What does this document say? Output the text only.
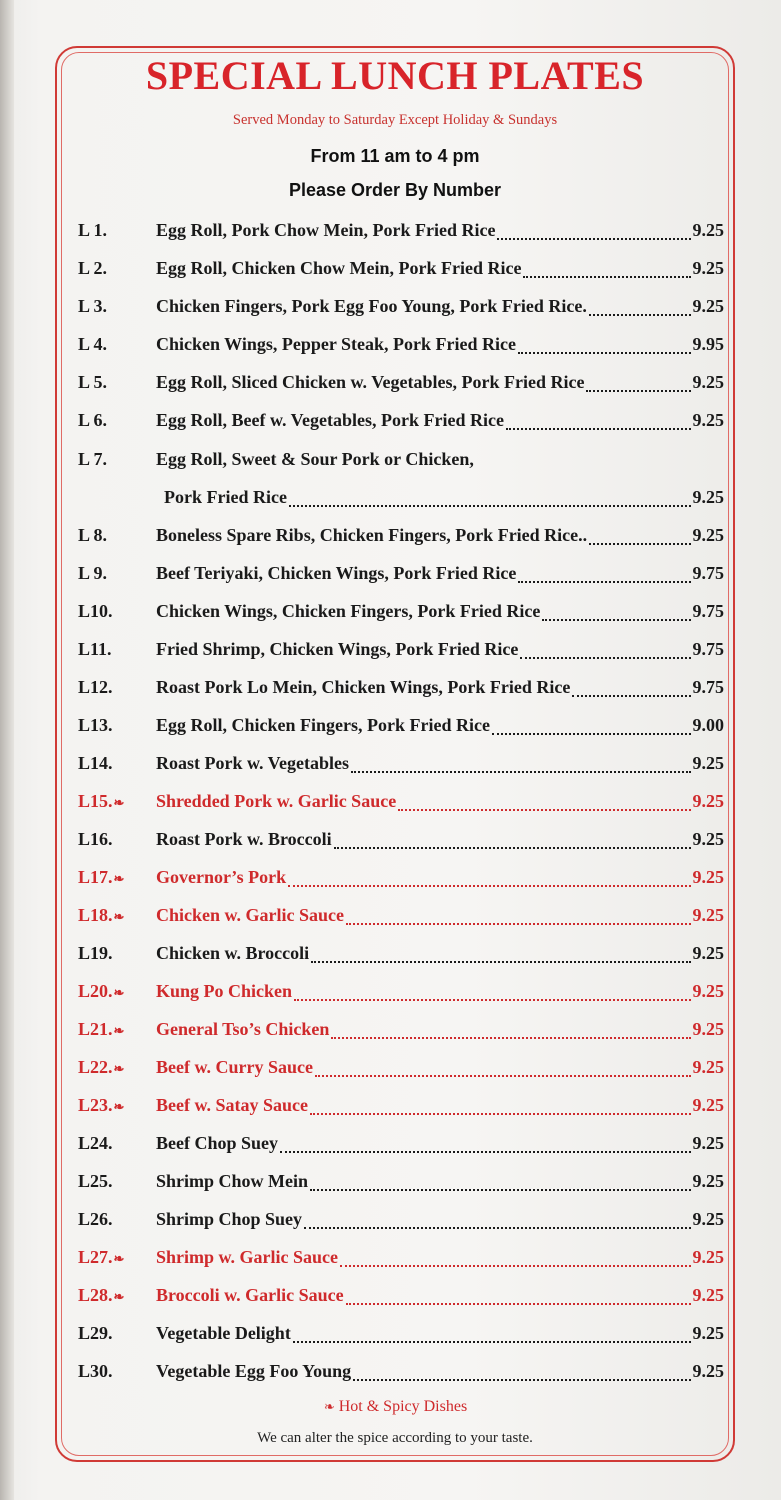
SPECIAL LUNCH PLATES
Served Monday to Saturday Except Holiday & Sundays
From 11 am to 4 pm
Please Order By Number
L 1.	Egg Roll, Pork Chow Mein, Pork Fried Rice	9.25
L 2.	Egg Roll, Chicken Chow Mein, Pork Fried Rice	9.25
L 3.	Chicken Fingers, Pork Egg Foo Young, Pork Fried Rice.	9.25
L 4.	Chicken Wings, Pepper Steak, Pork Fried Rice	9.95
L 5.	Egg Roll, Sliced Chicken w. Vegetables, Pork Fried Rice	9.25
L 6.	Egg Roll, Beef w. Vegetables, Pork Fried Rice	9.25
L 7.	Egg Roll, Sweet & Sour Pork or Chicken,
Pork Fried Rice	9.25
L 8.	Boneless Spare Ribs, Chicken Fingers, Pork Fried Rice..	9.25
L 9.	Beef Teriyaki, Chicken Wings, Pork Fried Rice	9.75
L10.	Chicken Wings, Chicken Fingers, Pork Fried Rice	9.75
L11.	Fried Shrimp, Chicken Wings, Pork Fried Rice	9.75
L12.	Roast Pork Lo Mein, Chicken Wings, Pork Fried Rice	9.75
L13.	Egg Roll, Chicken Fingers, Pork Fried Rice	9.00
L14.	Roast Pork w. Vegetables	9.25
L15.❧	Shredded Pork w. Garlic Sauce	9.25
L16.	Roast Pork w. Broccoli	9.25
L17.❧	Governor’s Pork	9.25
L18.❧	Chicken w. Garlic Sauce	9.25
L19.	Chicken w. Broccoli	9.25
L20.❧	Kung Po Chicken	9.25
L21.❧	General Tso’s Chicken	9.25
L22.❧	Beef w. Curry Sauce	9.25
L23.❧	Beef w. Satay Sauce	9.25
L24.	Beef Chop Suey	9.25
L25.	Shrimp Chow Mein	9.25
L26.	Shrimp Chop Suey	9.25
L27.❧	Shrimp w. Garlic Sauce	9.25
L28.❧	Broccoli w. Garlic Sauce	9.25
L29.	Vegetable Delight	9.25
L30.	Vegetable Egg Foo Young	9.25
❧ Hot & Spicy Dishes
We can alter the spice according to your taste.
